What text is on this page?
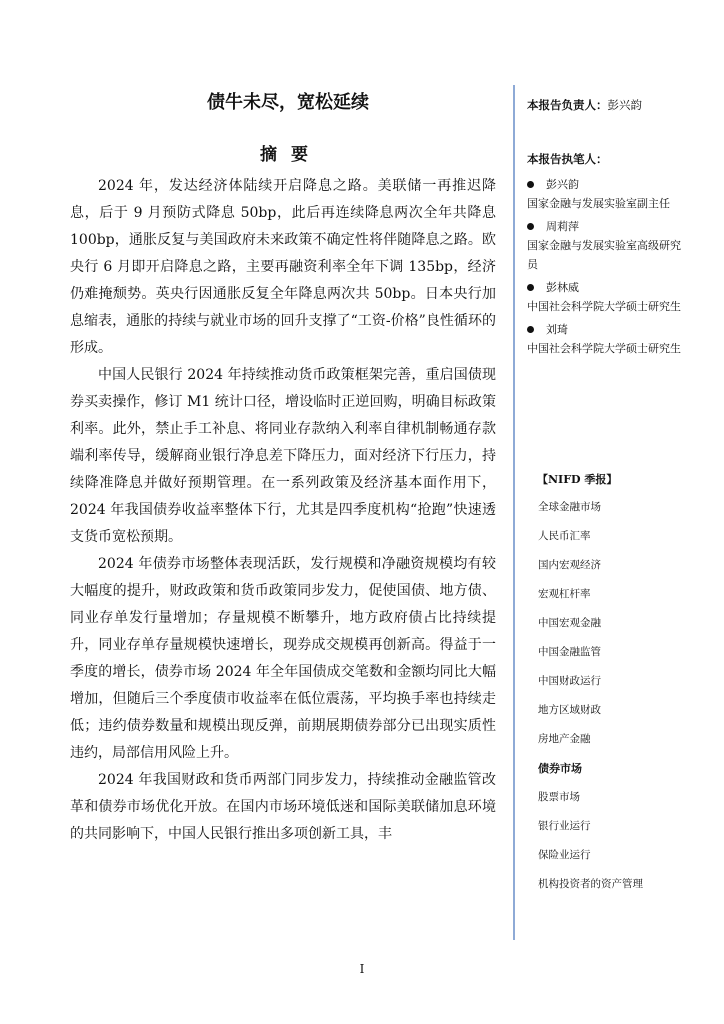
债牛未尽，宽松延续
摘要

2024 年，发达经济体陆续开启降息之路。美联储一再推迟降息，后于 9 月预防式降息 50bp，此后再连续降息两次全年共降息 100bp，通胀反复与美国政府未来政策不确定性将伴随降息之路。欧央行 6 月即开启降息之路，主要再融资利率全年下调 135bp，经济仍难掩颓势。英央行因通胀反复全年降息两次共 50bp。日本央行加息缩表，通胀的持续与就业市场的回升支撑了“工资-价格”良性循环的形成。

中国人民银行 2024 年持续推动货币政策框架完善，重启国债现券买卖操作，修订 M1 统计口径，增设临时正逆回购，明确目标政策利率。此外，禁止手工补息、将同业存款纳入利率自律机制畅通存款端利率传导，缓解商业银行净息差下降压力，面对经济下行压力，持续降准降息并做好预期管理。在一系列政策及经济基本面作用下，2024 年我国债券收益率整体下行，尤其是四季度机构“抢跑”快速透支货币宽松预期。

2024 年债券市场整体表现活跃，发行规模和净融资规模均有较大幅度的提升，财政政策和货币政策同步发力，促使国债、地方债、同业存单发行量增加；存量规模不断攀升，地方政府债占比持续提升，同业存单存量规模快速增长，现券成交规模再创新高。得益于一季度的增长，债券市场 2024 年全年国债成交笔数和金额均同比大幅增加，但随后三个季度债市收益率在低位震荡，平均换手率也持续走低；违约债券数量和规模出现反弹，前期展期债券部分已出现实质性违约，局部信用风险上升。

2024 年我国财政和货币两部门同步发力，持续推动金融监管改革和债券市场优化开放。在国内市场环境低迷和国际美联储加息环境的共同影响下，中国人民银行推出多项创新工具，丰

本报告负责人：彭兴韵

本报告执笔人：
彭兴韵
国家金融与发展实验室副主任
周莉萍
国家金融与发展实验室高级研究员
彭林威
中国社会科学院大学硕士研究生
刘琦
中国社会科学院大学硕士研究生
【NIFD 季报】
全球金融市场
人民币汇率
国内宏观经济
宏观杠杆率
中国宏观金融
中国金融监管
中国财政运行
地方区域财政
房地产金融
债券市场
股票市场
银行业运行
保险业运行
机构投资者的资产管理
I
